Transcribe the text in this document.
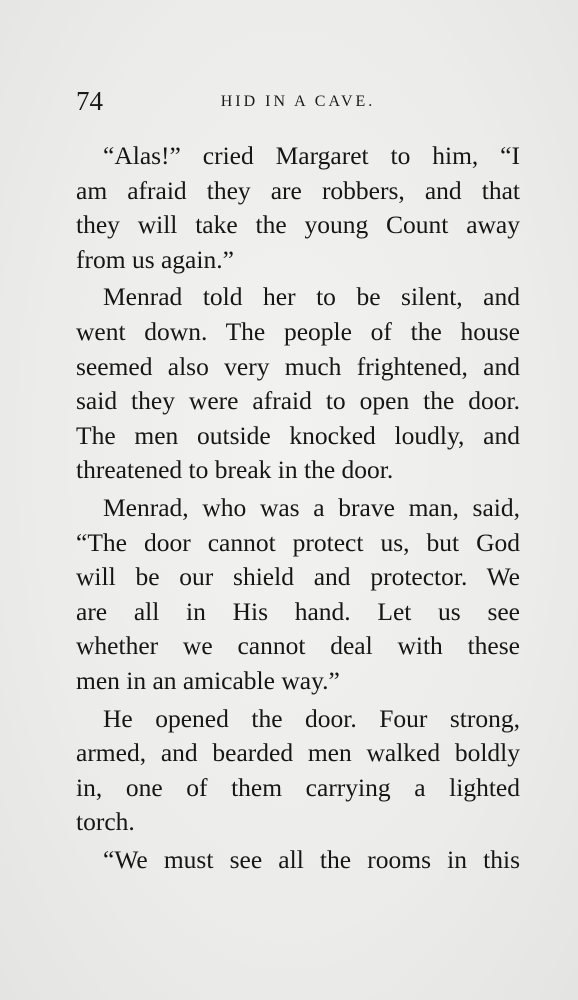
74	HID IN A CAVE.
“Alas!” cried Margaret to him, “I
am afraid they are robbers, and that
they will take the young Count away
from us again.”
Menrad told her to be silent, and
went down. The people of the house
seemed also very much frightened, and
said they were afraid to open the door.
The men outside knocked loudly, and
threatened to break in the door.
Menrad, who was a brave man, said,
“The door cannot protect us, but God
will be our shield and protector. We
are all in His hand. Let us see
whether we cannot deal with these
men in an amicable way.”
He opened the door. Four strong,
armed, and bearded men walked boldly
in, one of them carrying a lighted
torch.
“We must see all the rooms in this
